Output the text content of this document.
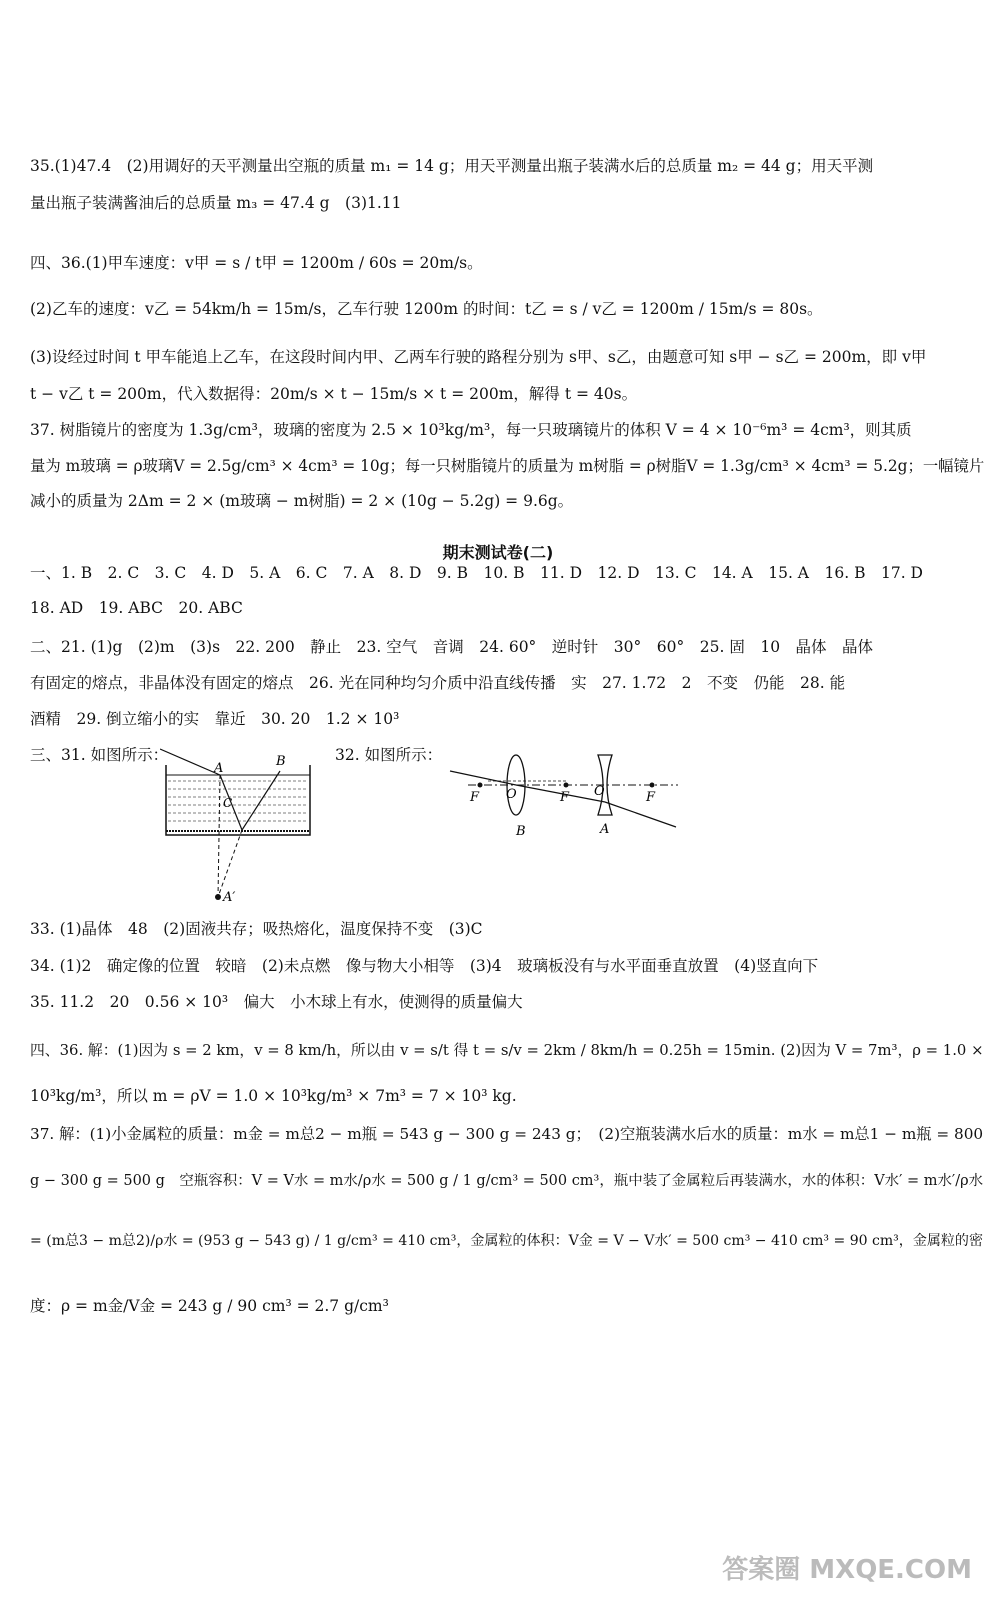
35.(1)47.4　(2)用调好的天平测量出空瓶的质量 m₁ = 14 g；用天平测量出瓶子装满水后的总质量 m₂ = 44 g；用天平测
量出瓶子装满酱油后的总质量 m₃ = 47.4 g　(3)1.11
四、36.(1)甲车速度：v甲 = s / t甲 = 1200m / 60s = 20m/s。
(2)乙车的速度：v乙 = 54km/h = 15m/s，乙车行驶 1200m 的时间：t乙 = s / v乙 = 1200m / 15m/s = 80s。
(3)设经过时间 t 甲车能追上乙车，在这段时间内甲、乙两车行驶的路程分别为 s甲、s乙，由题意可知 s甲 − s乙 = 200m，即 v甲
t − v乙 t = 200m，代入数据得：20m/s × t − 15m/s × t = 200m，解得 t = 40s。
37. 树脂镜片的密度为 1.3g/cm³，玻璃的密度为 2.5 × 10³kg/m³，每一只玻璃镜片的体积 V = 4 × 10⁻⁶m³ = 4cm³，则其质
量为 m玻璃 = ρ玻璃V = 2.5g/cm³ × 4cm³ = 10g；每一只树脂镜片的质量为 m树脂 = ρ树脂V = 1.3g/cm³ × 4cm³ = 5.2g；一幅镜片
减小的质量为 2Δm = 2 × (m玻璃 − m树脂) = 2 × (10g − 5.2g) = 9.6g。
期末测试卷(二)
一、1. B　2. C　3. C　4. D　5. A　6. C　7. A　8. D　9. B　10. B　11. D　12. D　13. C　14. A　15. A　16. B　17. D
18. AD　19. ABC　20. ABC
二、21. (1)g　(2)m　(3)s　22. 200　静止　23. 空气　音调　24. 60°　逆时针　30°　60°　25. 固　10　晶体　晶体
有固定的熔点，非晶体没有固定的熔点　26. 光在同种均匀介质中沿直线传播　实　27. 1.72　2　不变　仍能　28. 能
酒精　29. 倒立缩小的实　靠近　30. 20　1.2 × 10³
三、31. 如图所示：	32. 如图所示：
A	B
C
A′
F O
B
F O
A
F
33. (1)晶体　48　(2)固液共存；吸热熔化，温度保持不变　(3)C
34. (1)2　确定像的位置　较暗　(2)未点燃　像与物大小相等　(3)4　玻璃板没有与水平面垂直放置　(4)竖直向下
35. 11.2　20　0.56 × 10³　偏大　小木球上有水，使测得的质量偏大
四、36. 解：(1)因为 s = 2 km，v = 8 km/h，所以由 v = s/t 得 t = s/v = 2km / 8km/h = 0.25h = 15min. (2)因为 V = 7m³，ρ = 1.0 ×
10³kg/m³，所以 m = ρV = 1.0 × 10³kg/m³ × 7m³ = 7 × 10³ kg.
37. 解：(1)小金属粒的质量：m金 = m总2 − m瓶 = 543 g − 300 g = 243 g；　(2)空瓶装满水后水的质量：m水 = m总1 − m瓶 = 800
g − 300 g = 500 g　空瓶容积：V = V水 = m水/ρ水 = 500 g / 1 g/cm³ = 500 cm³，瓶中装了金属粒后再装满水，水的体积：V水′ = m水′/ρ水
= (m总3 − m总2)/ρ水 = (953 g − 543 g) / 1 g/cm³ = 410 cm³，金属粒的体积：V金 = V − V水′ = 500 cm³ − 410 cm³ = 90 cm³，金属粒的密
度：ρ = m金/V金 = 243 g / 90 cm³ = 2.7 g/cm³
答案圈 MXQE.COM
